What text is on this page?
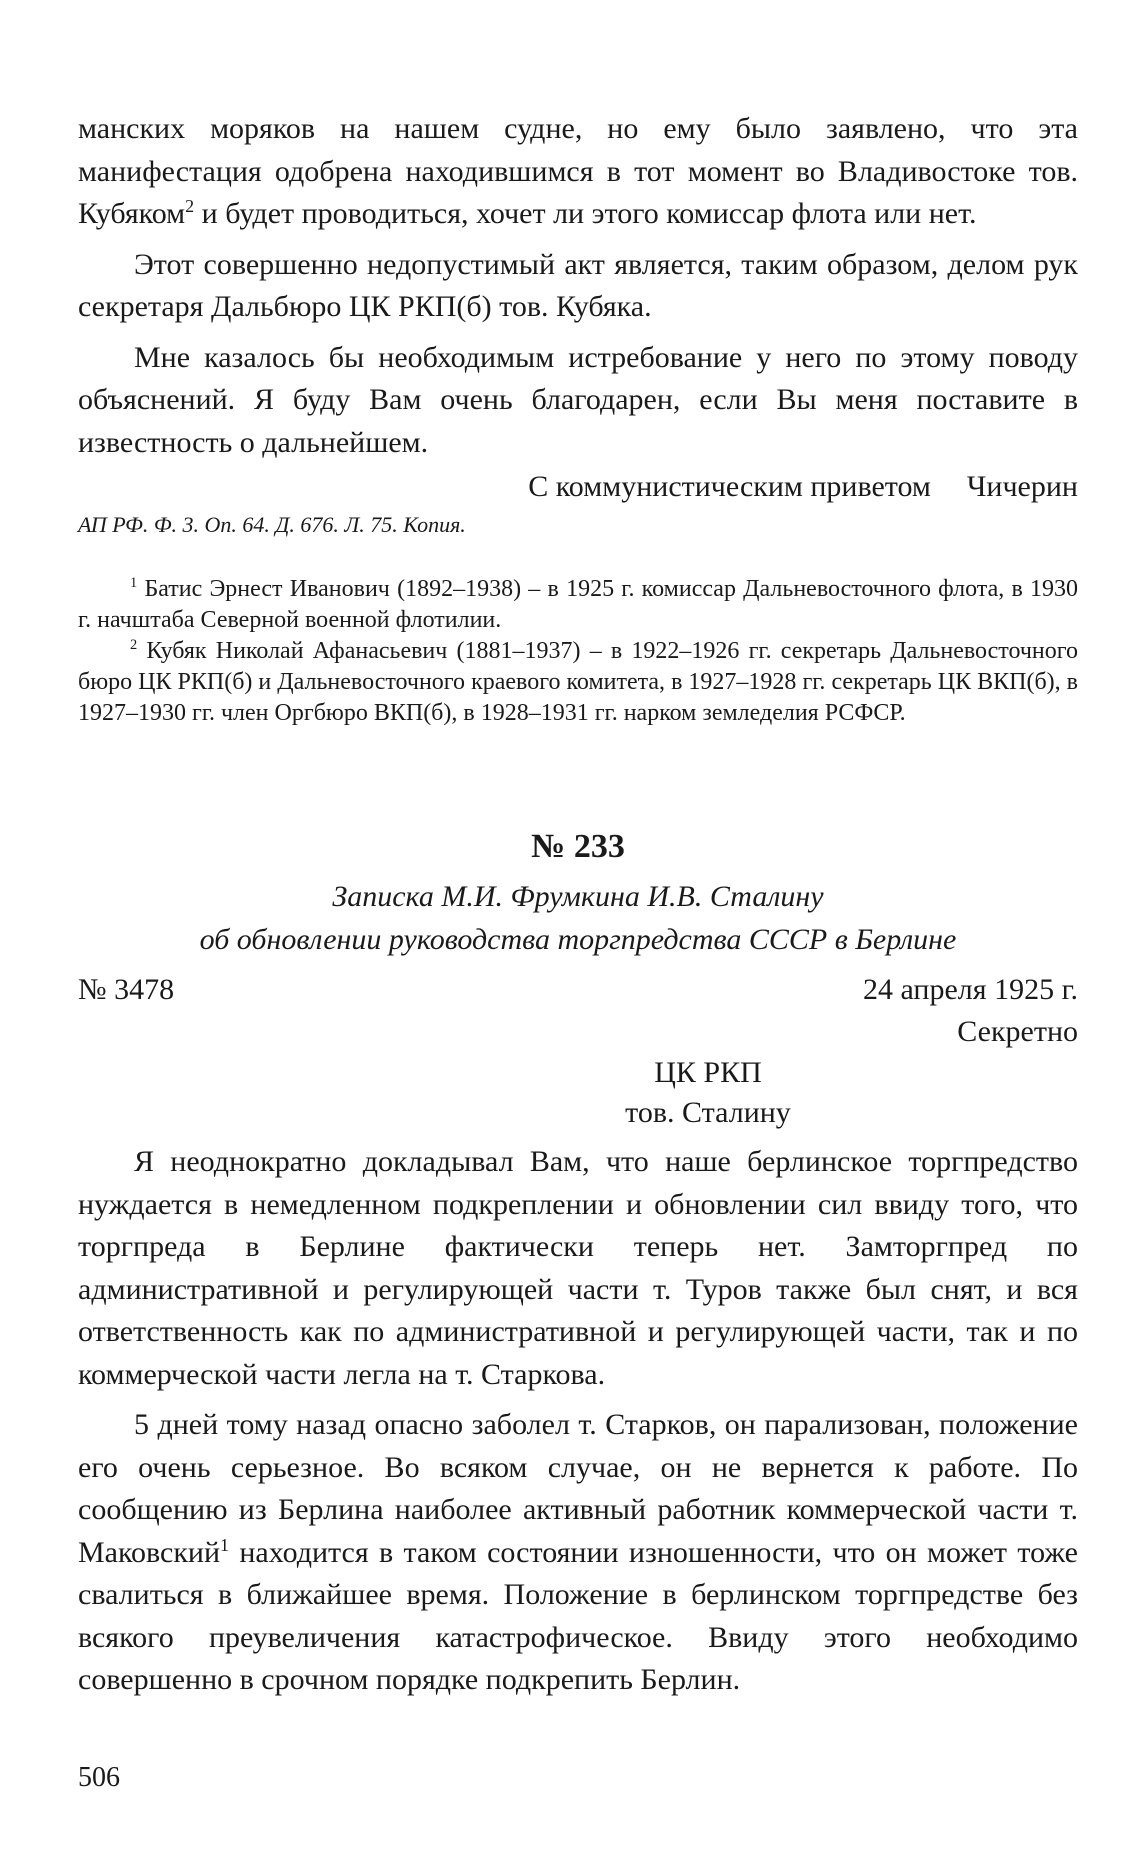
манских моряков на нашем судне, но ему было заявлено, что эта манифестация одобрена находившимся в тот момент во Владивостоке тов. Кубяком$^2$ и будет проводиться, хочет ли этого комиссар флота или нет.

Этот совершенно недопустимый акт является, таким образом, делом рук секретаря Дальбюро ЦК РКП(б) тов. Кубяка.

Мне казалось бы необходимым истребование у него по этому поводу объяснений. Я буду Вам очень благодарен, если Вы меня поставите в известность о дальнейшем.

С коммунистическим приветом Чичерин

АП РФ. Ф. 3. Оп. 64. Д. 676. Л. 75. Копия.

$^1$ Батис Эрнест Иванович (1892–1938) – в 1925 г. комиссар Дальневосточного флота, в 1930 г. начштаба Северной военной флотилии.

$^2$ Кубяк Николай Афанасьевич (1881–1937) – в 1922–1926 гг. секретарь Дальневосточного бюро ЦК РКП(б) и Дальневосточного краевого комитета, в 1927–1928 гг. секретарь ЦК ВКП(б), в 1927–1930 гг. член Оргбюро ВКП(б), в 1928–1931 гг. нарком земледелия РСФСР.

№ 233
Записка М.И. Фрумкина И.В. Сталину
об обновлении руководства торгпредства СССР в Берлине
№ 3478	24 апреля 1925 г.
Секретно
ЦК РКП
тов. Сталину

Я неоднократно докладывал Вам, что наше берлинское торгпредство нуждается в немедленном подкреплении и обновлении сил ввиду того, что торгпреда в Берлине фактически теперь нет. Замторгпред по административной и регулирующей части т. Туров также был снят, и вся ответственность как по административной и регулирующей части, так и по коммерческой части легла на т. Старкова.

5 дней тому назад опасно заболел т. Старков, он парализован, положение его очень серьезное. Во всяком случае, он не вернется к работе. По сообщению из Берлина наиболее активный работник коммерческой части т. Маковский$^1$ находится в таком состоянии изношенности, что он может тоже свалиться в ближайшее время. Положение в берлинском торгпредстве без всякого преувеличения катастрофическое. Ввиду этого необходимо совершенно в срочном порядке подкрепить Берлин.

506
